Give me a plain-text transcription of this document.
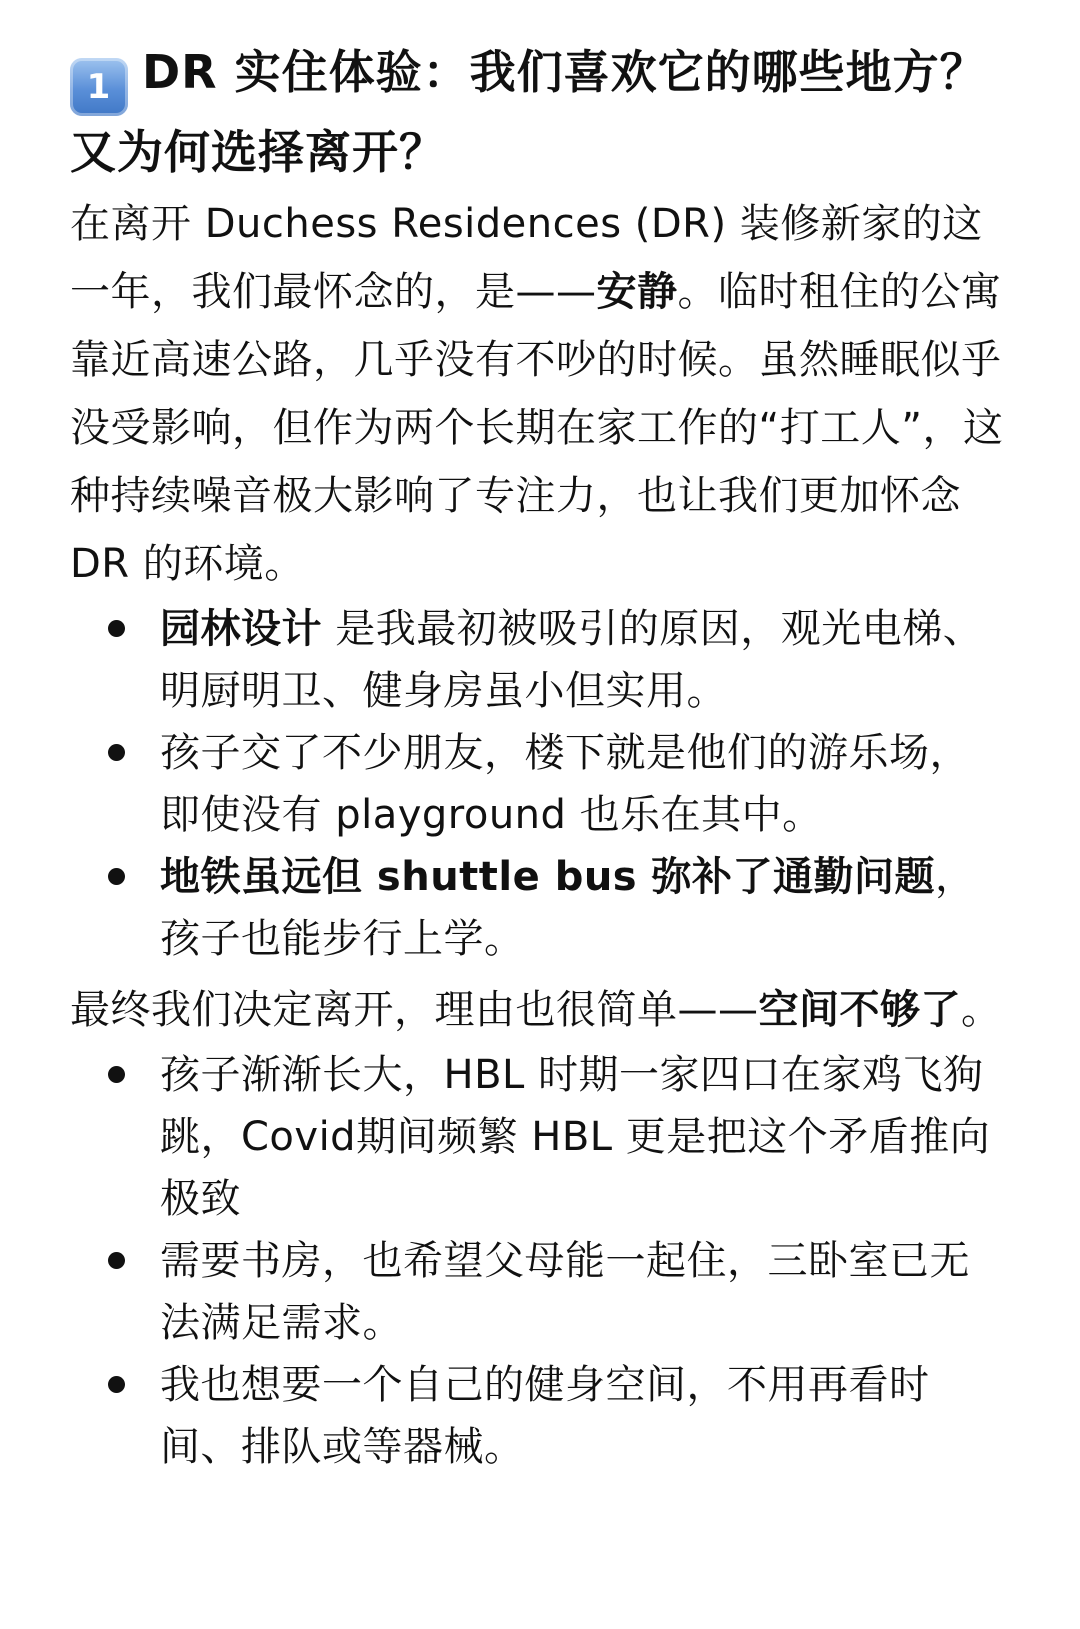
1 DR 实住体验：我们喜欢它的哪些地方？又为何选择离开？

在离开 Duchess Residences (DR) 装修新家的这一年，我们最怀念的，是——安静。临时租住的公寓靠近高速公路，几乎没有不吵的时候。虽然睡眠似乎没受影响，但作为两个长期在家工作的“打工人”，这种持续噪音极大影响了专注力，也让我们更加怀念 DR 的环境。

园林设计 是我最初被吸引的原因，观光电梯、明厨明卫、健身房虽小但实用。
孩子交了不少朋友，楼下就是他们的游乐场，即使没有 playground 也乐在其中。
地铁虽远但 shuttle bus 弥补了通勤问题，孩子也能步行上学。

最终我们决定离开，理由也很简单——空间不够了。

孩子渐渐长大，HBL 时期一家四口在家鸡飞狗跳，Covid期间频繁 HBL 更是把这个矛盾推向极致
需要书房，也希望父母能一起住，三卧室已无法满足需求。
我也想要一个自己的健身空间，不用再看时间、排队或等器械。
